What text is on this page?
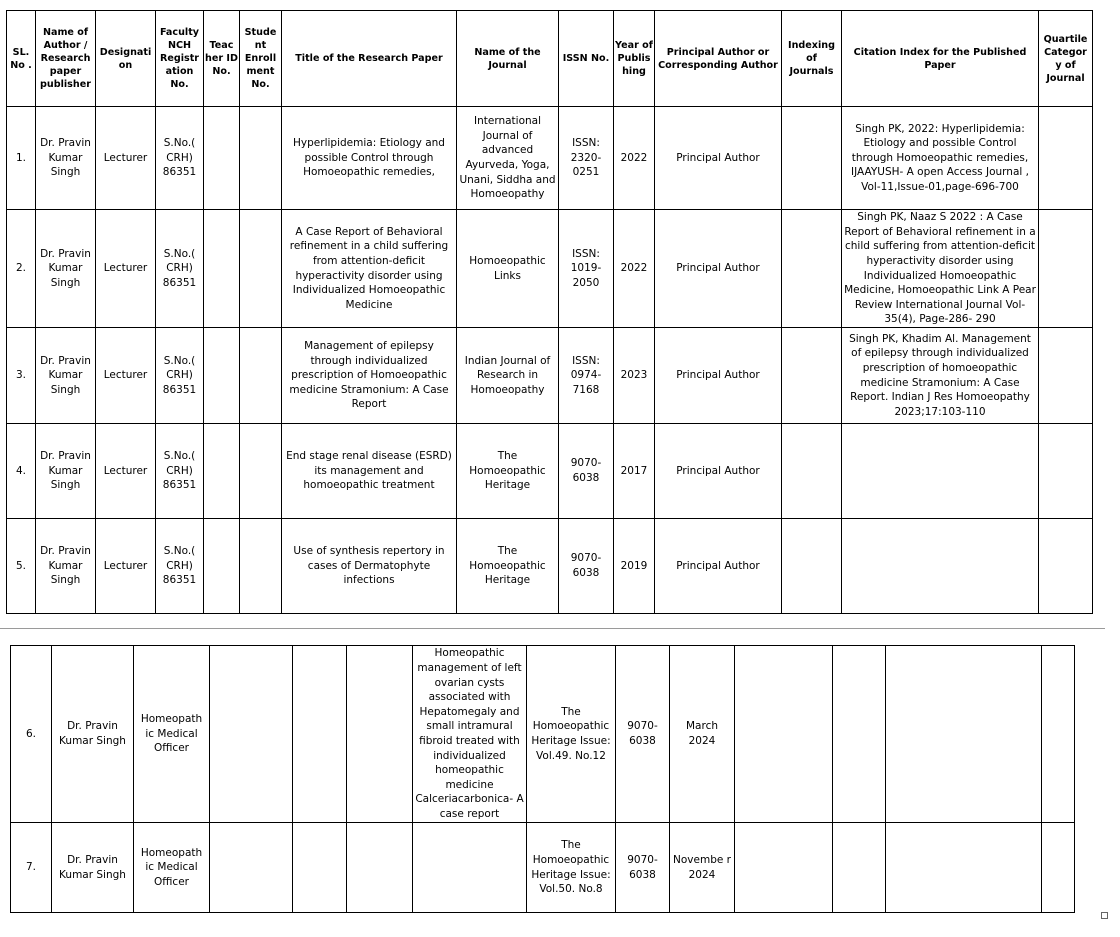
SL. No .	Name of Author / Research paper publisher	Designati on	Faculty NCH Registr ation No.	Teac her ID No.	Stude nt Enroll ment No.	Title of the Research Paper	Name of the Journal	ISSN No.	Year of Publis hing	Principal Author or Corresponding Author	Indexing of Journals	Citation Index for the Published Paper	Quartile Categor y of Journal
1.	Dr. Pravin Kumar Singh	Lecturer	S.No.( CRH) 86351			Hyperlipidemia: Etiology and possible Control through Homoeopathic remedies,	International Journal of advanced Ayurveda, Yoga, Unani, Siddha and Homoeopathy	ISSN: 2320- 0251	2022	Principal Author		Singh PK, 2022: Hyperlipidemia: Etiology and possible Control through Homoeopathic remedies, IJAAYUSH- A open Access Journal , Vol-11,Issue-01,page-696-700	
2.	Dr. Pravin Kumar Singh	Lecturer	S.No.( CRH) 86351			A Case Report of Behavioral refinement in a child suffering from attention-deficit hyperactivity disorder using Individualized Homoeopathic Medicine	Homoeopathic Links	ISSN: 1019- 2050	2022	Principal Author		Singh PK, Naaz S 2022 : A Case Report of Behavioral refinement in a child suffering from attention-deficit hyperactivity disorder using Individualized Homoeopathic Medicine, Homoeopathic Link A Pear Review International Journal Vol- 35(4), Page-286- 290	
3.	Dr. Pravin Kumar Singh	Lecturer	S.No.( CRH) 86351			Management of epilepsy through individualized prescription of Homoeopathic medicine Stramonium: A Case Report	Indian Journal of Research in Homoeopathy	ISSN: 0974- 7168	2023	Principal Author		Singh PK, Khadim Al. Management of epilepsy through individualized prescription of homoeopathic medicine Stramonium: A Case Report. Indian J Res Homoeopathy 2023;17:103-110	
4.	Dr. Pravin Kumar Singh	Lecturer	S.No.( CRH) 86351			End stage renal disease (ESRD) its management and homoeopathic treatment	The Homoeopathic Heritage	9070- 6038	2017	Principal Author			
5.	Dr. Pravin Kumar Singh	Lecturer	S.No.( CRH) 86351			Use of synthesis repertory in cases of Dermatophyte infections	The Homoeopathic Heritage	9070- 6038	2019	Principal Author			
6.	Dr. Pravin Kumar Singh	Homeopath ic Medical Officer				Homeopathic management of left ovarian cysts associated with Hepatomegaly and small intramural fibroid treated with individualized homeopathic medicine Calceriacarbonica- A case report	The Homoeopathic Heritage Issue: Vol.49. No.12	9070- 6038	March 2024				
7.	Dr. Pravin Kumar Singh	Homeopath ic Medical Officer					The Homoeopathic Heritage Issue: Vol.50. No.8	9070- 6038	Novembe r 2024				
